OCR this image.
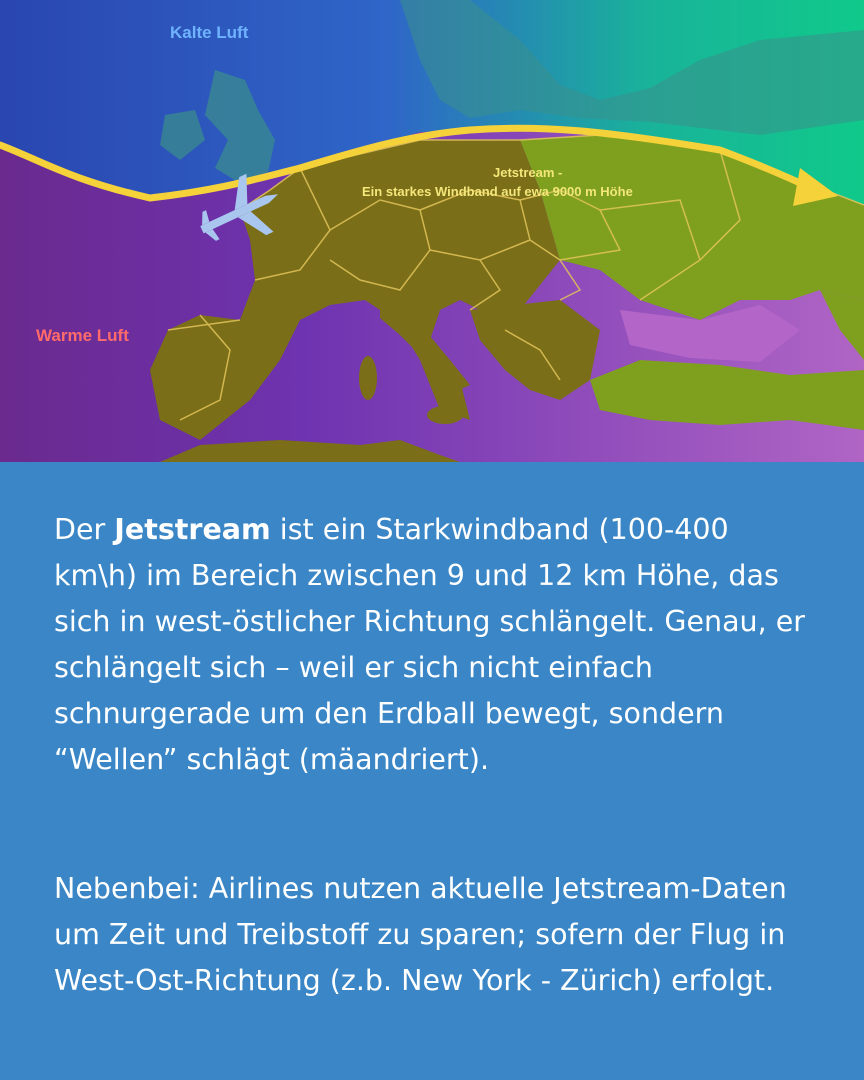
Kalte Luft
Warme Luft
Jetstream -
Ein starkes Windband auf ewa 9000 m Höhe

Der Jetstream ist ein Starkwindband (100-400 km\h) im Bereich zwischen 9 und 12 km Höhe, das sich in west-östlicher Richtung schlängelt. Genau, er schlängelt sich – weil er sich nicht einfach schnurgerade um den Erdball bewegt, sondern “Wellen” schlägt (mäandriert).

Nebenbei: Airlines nutzen aktuelle Jetstream-Daten um Zeit und Treibstoff zu sparen; sofern der Flug in West-Ost-Richtung (z.b. New York - Zürich) erfolgt.
